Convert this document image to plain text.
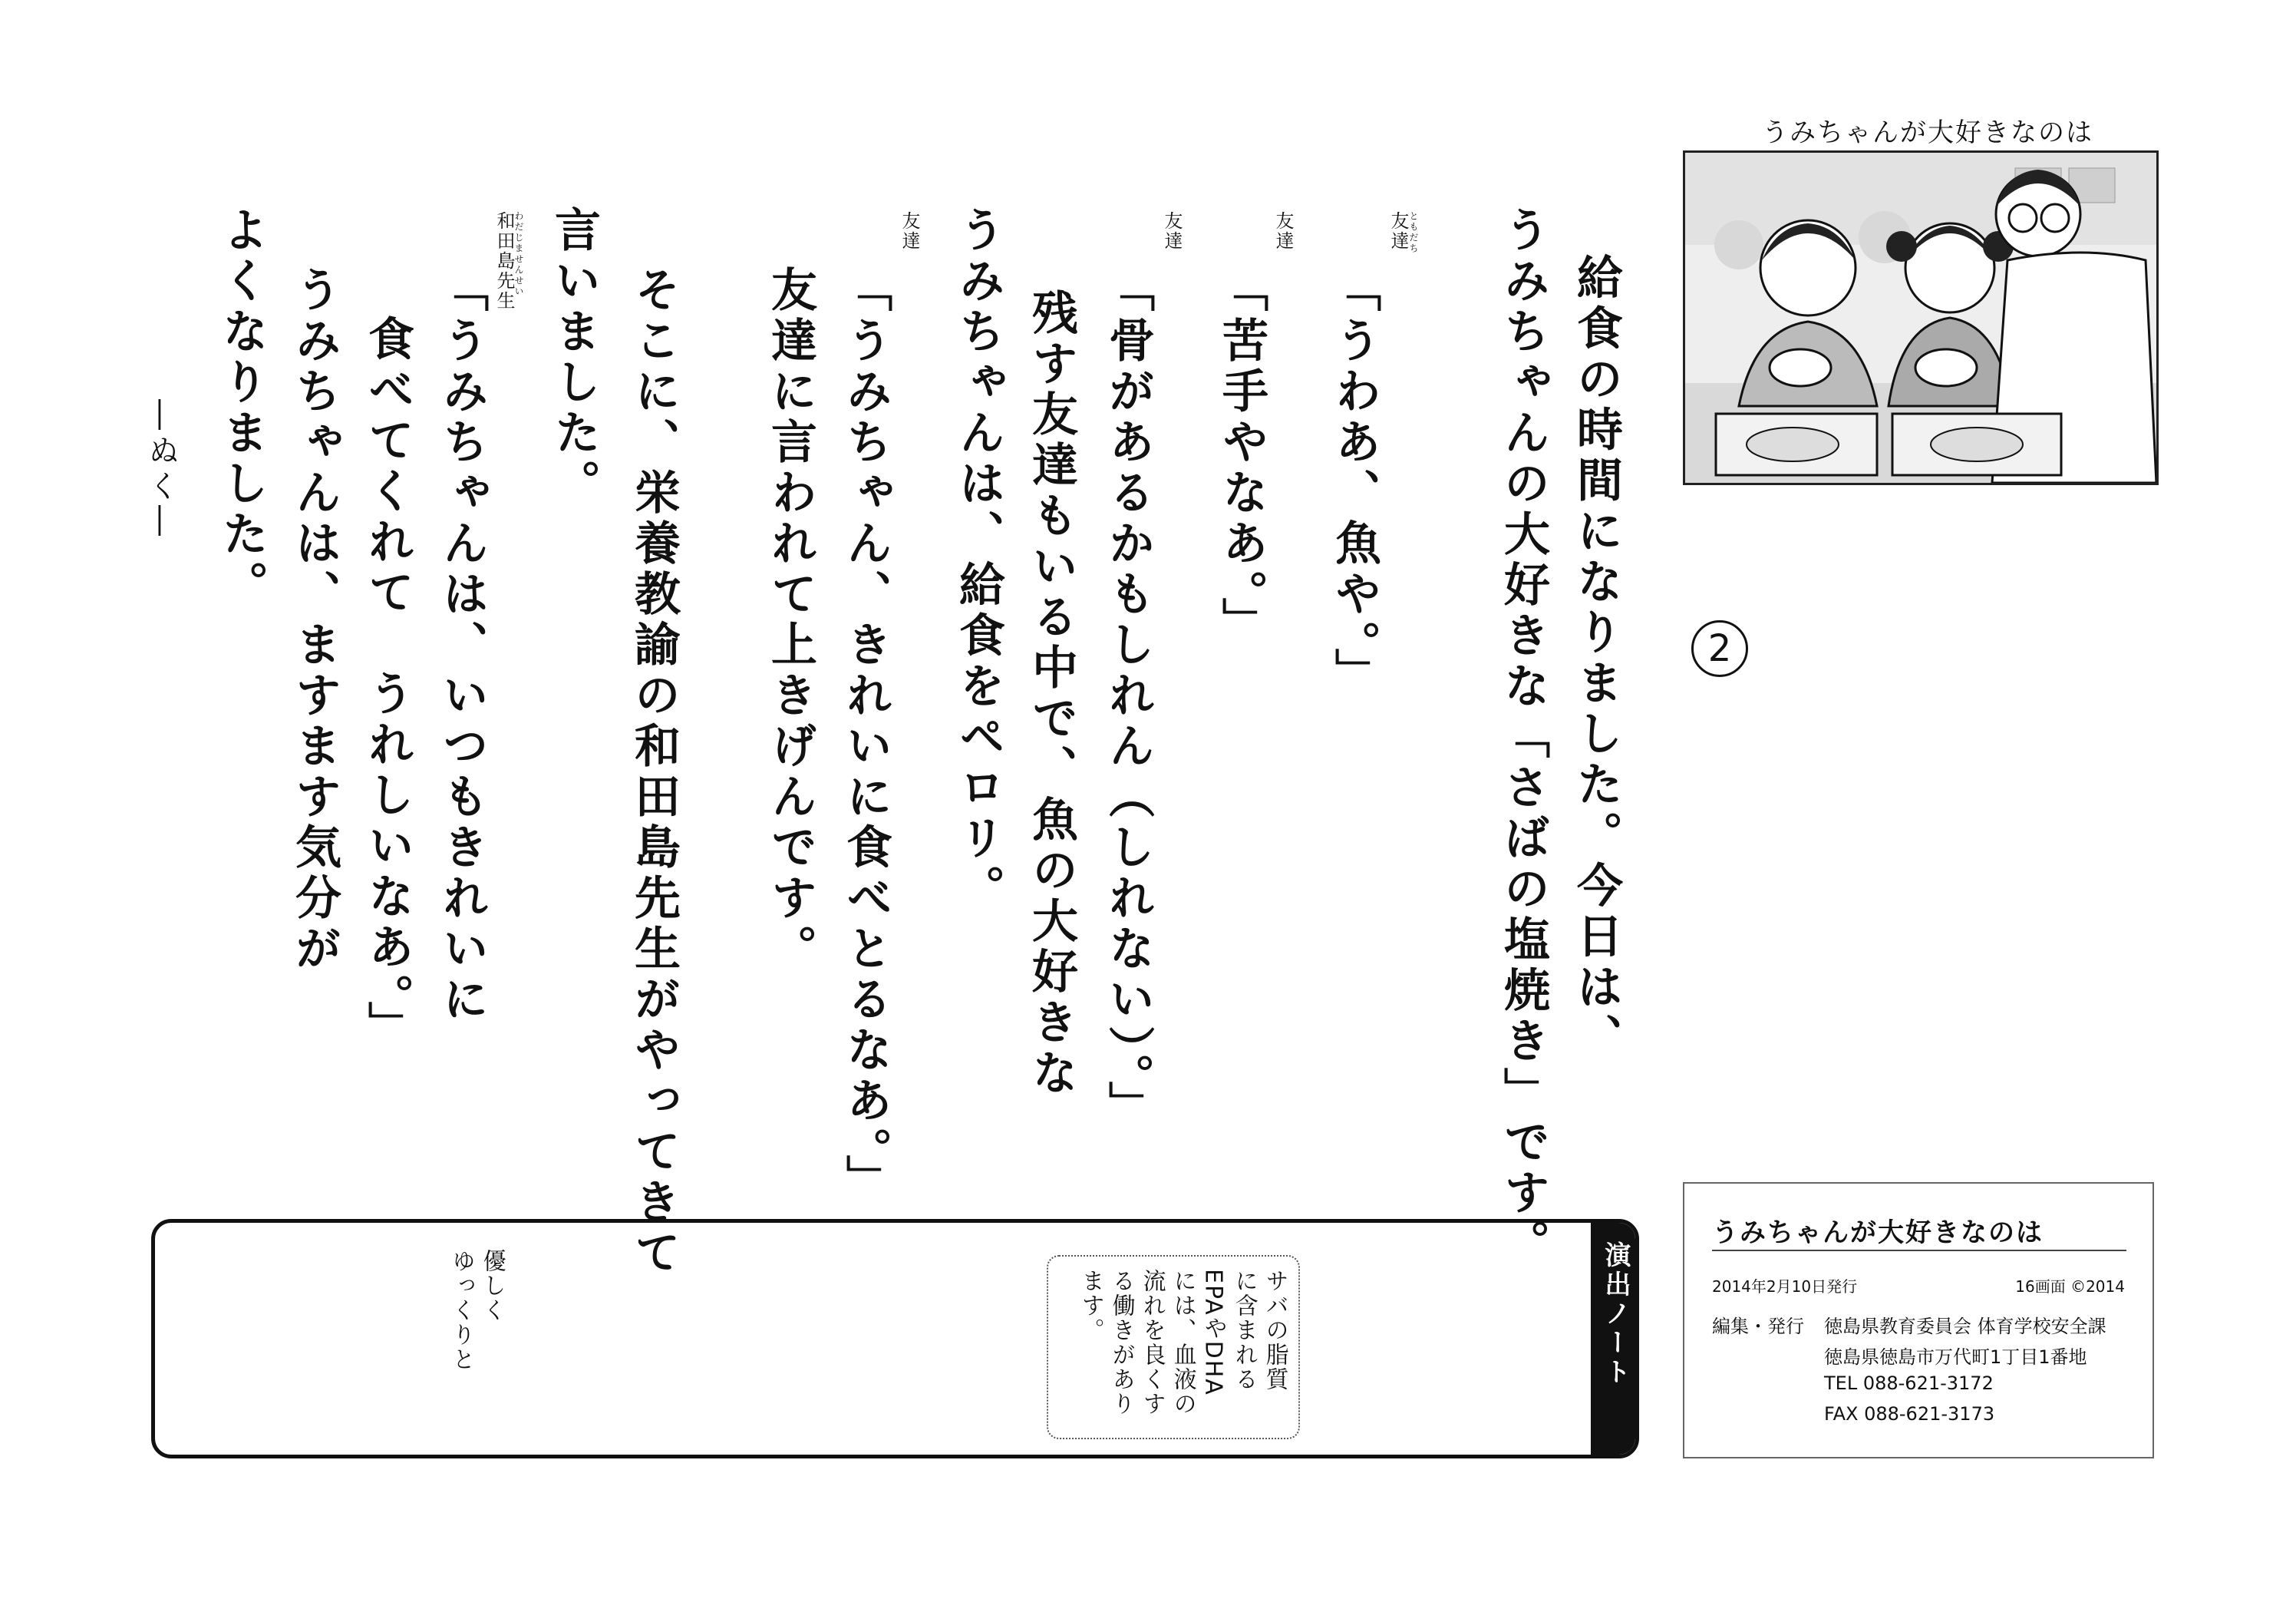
うみちゃんが大好きなのは
2
給食の時間になりました。今日は、
うみちゃんの大好きな「さばの塩焼き」です。
友達
「うわあ、魚や。」
友達
「苦手やなあ。」
友達
「骨があるかもしれん（しれない）。」
残す友達もいる中で、魚の大好きな
うみちゃんは、給食をペロリ。
友達
「うみちゃん、きれいに食べとるなあ。」
友達に言われて上きげんです。
そこに、栄養教諭の和田島先生がやってきて
言いました。
和田島先生
「うみちゃんは、いつもきれいに
食べてくれて　うれしいなあ。」
うみちゃんは、ますます気分が
よくなりました。
―ぬく―
ともだち
わだじませんせい
演出ノート
サバの脂質
に含まれる
EPAやDHA
には、血液の
流れを良くす
る働きがあり
ます。
優しく
ゆっくりと
うみちゃんが大好きなのは
2014年2月10日発行	16画面 ©2014
編集・発行 徳島県教育委員会 体育学校安全課
徳島県徳島市万代町1丁目1番地
TEL 088-621-3172
FAX 088-621-3173
